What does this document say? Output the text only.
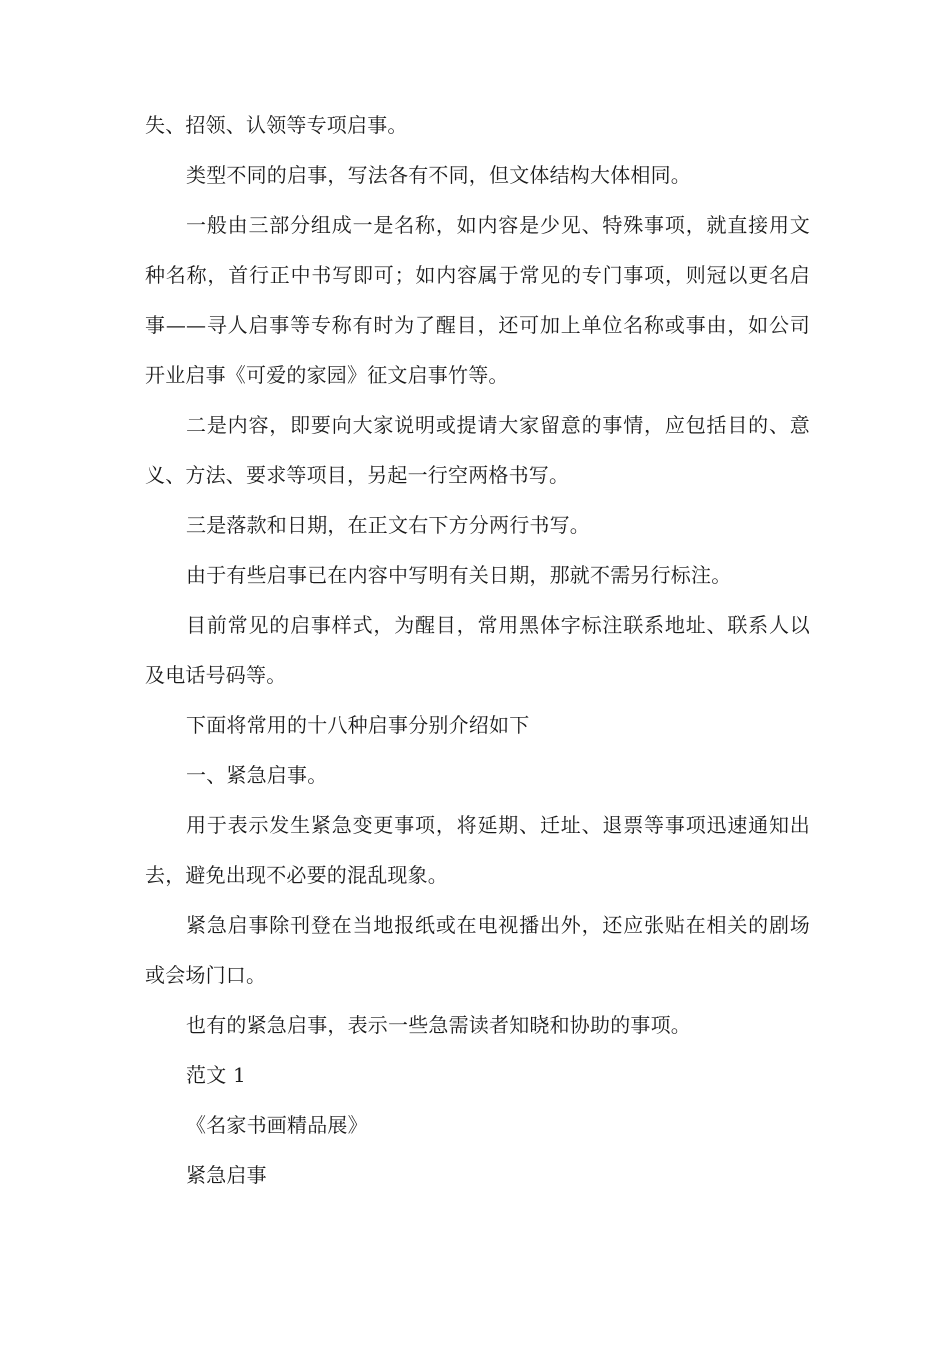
失、招领、认领等专项启事。

类型不同的启事，写法各有不同，但文体结构大体相同。

一般由三部分组成一是名称，如内容是少见、特殊事项，就直接用文种名称，首行正中书写即可；如内容属于常见的专门事项，则冠以更名启事——寻人启事等专称有时为了醒目，还可加上单位名称或事由，如公司开业启事《可爱的家园》征文启事竹等。

二是内容，即要向大家说明或提请大家留意的事情，应包括目的、意义、方法、要求等项目，另起一行空两格书写。

三是落款和日期，在正文右下方分两行书写。

由于有些启事已在内容中写明有关日期，那就不需另行标注。

目前常见的启事样式，为醒目，常用黑体字标注联系地址、联系人以及电话号码等。

下面将常用的十八种启事分别介绍如下

一、紧急启事。

用于表示发生紧急变更事项，将延期、迁址、退票等事项迅速通知出去，避免出现不必要的混乱现象。

紧急启事除刊登在当地报纸或在电视播出外，还应张贴在相关的剧场或会场门口。

也有的紧急启事，表示一些急需读者知晓和协助的事项。

范文 1

《名家书画精品展》

紧急启事
